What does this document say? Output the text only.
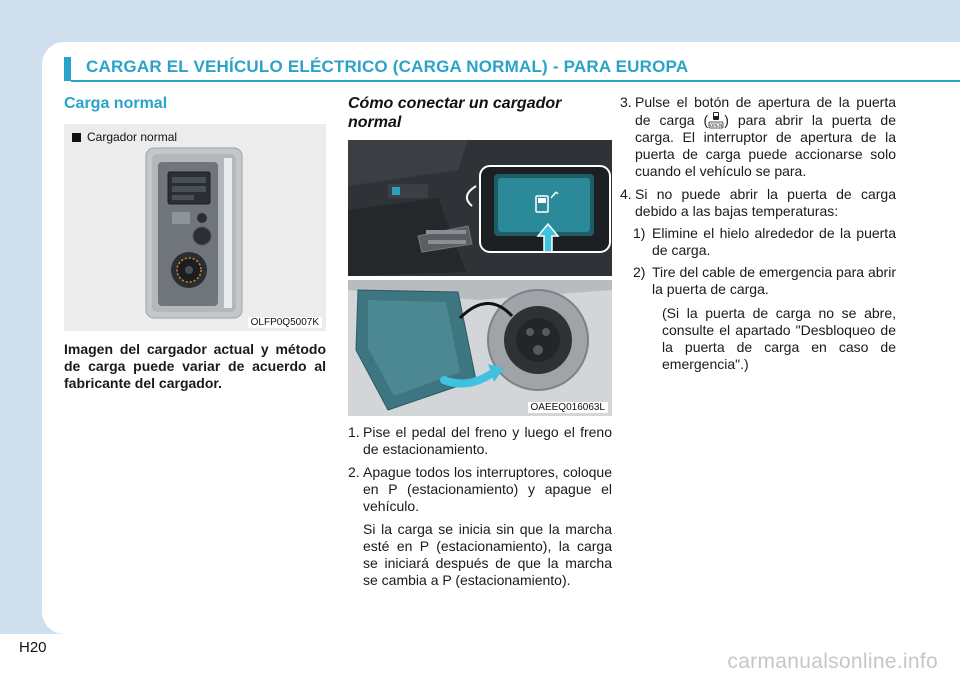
CARGAR EL VEHÍCULO ELÉCTRICO (CARGA NORMAL) - PARA EUROPA
Carga normal
Cargador normal
OLFP0Q5007K

Imagen del cargador actual y método de carga puede variar de acuerdo al fabricante del cargador.

Cómo conectar un cargador normal
OAEEQ016063L
1. Pise el pedal del freno y luego el freno de estacionamiento.

2. Apague todos los interruptores, coloque en P (estacionamiento) y apague el vehículo.

Si la carga se inicia sin que la marcha esté en P (estacionamiento), la carga se iniciará después de que la marcha se cambia a P (estacionamiento).

3. Pulse el botón de apertura de la puerta de carga ( OPEN ) para abrir la puerta de carga. El interruptor de apertura de la puerta de carga puede accionarse solo cuando el vehículo se para.

4. Si no puede abrir la puerta de carga debido a las bajas temperaturas:

1) Elimine el hielo alrededor de la puerta de carga.

2) Tire del cable de emergencia para abrir la puerta de carga.

(Si la puerta de carga no se abre, consulte el apartado "Desbloqueo de la puerta de carga en caso de emergencia".)

H20
carmanualsonline.info
